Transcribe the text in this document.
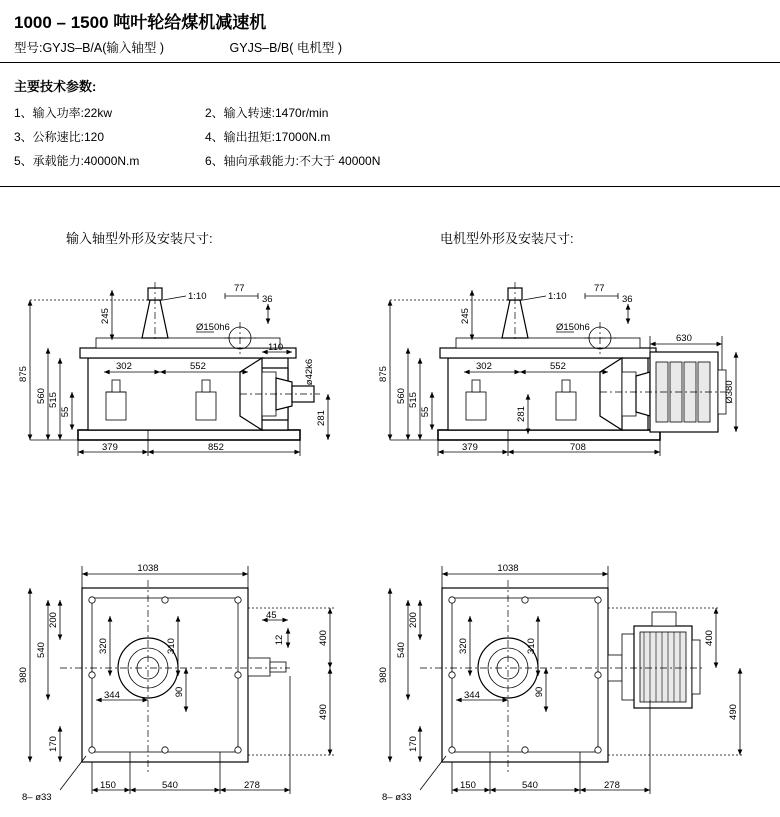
1000 – 1500 吨叶轮给煤机减速机
型号:GYJS–B/A(输入轴型 )	GYJS–B/B( 电机型 )
主要技术参数:
1、输入功率:22kw	2、输入转速:1470r/min
3、公称速比:120	4、输出扭矩:17000N.m
5、承载能力:40000N.m	6、轴向承载能力:不大于 40000N
输入轴型外形及安装尺寸:	电机型外形及安装尺寸:
1:10
Ø150h6
77
36
875
560 515
55
245
281
ø42k6
110
302	552
379	852
1:10
Ø150h6
77
36
630
Ø380
875
560 515
55
245
281
302	552
379	708
8– ø33
1038
980
540
200
170
320	310
344	90
45
12	400
490
150	540	278
8– ø33
1038
980
540
200
170
320	310
344	90
400
490
150	540	278
